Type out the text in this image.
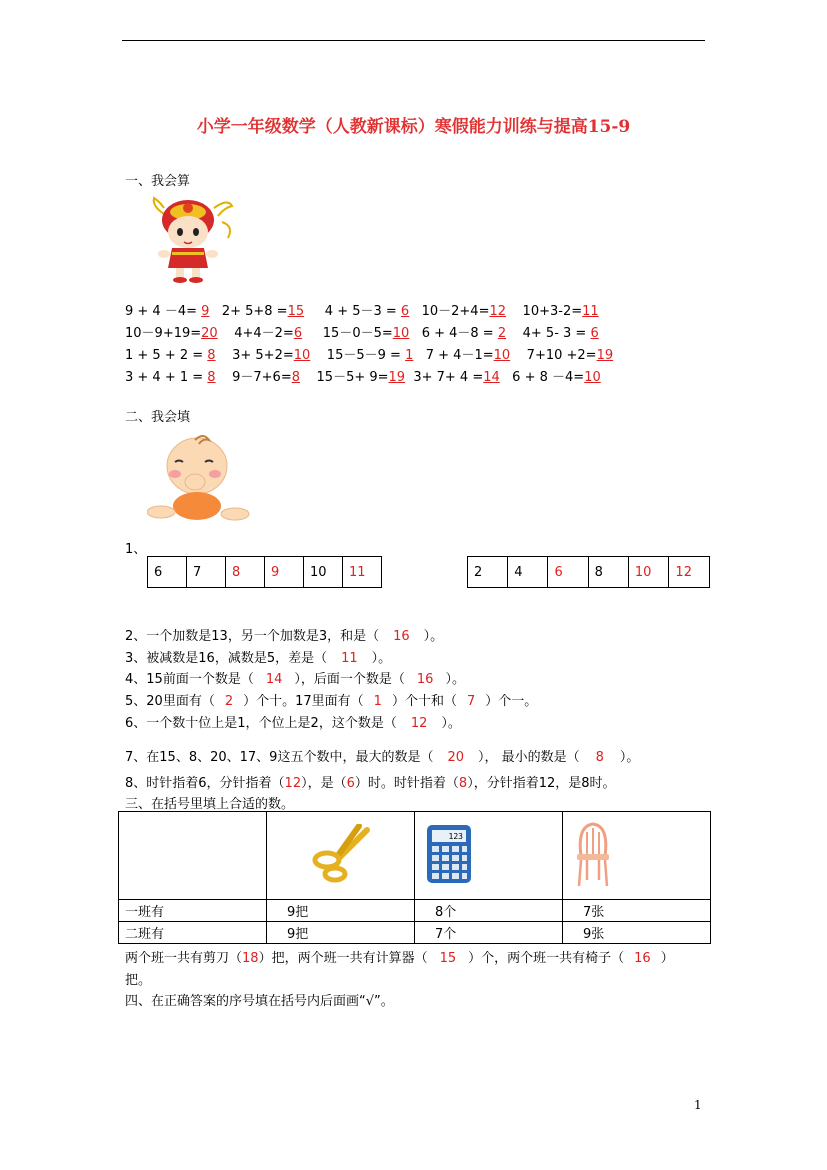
小学一年级数学（人教新课标）寒假能力训练与提高15-9
一、我会算
9 + 4 －4= 9   2+ 5+8 =15     4 + 5－3 = 6   10－2+4=12    10+3-2=11
10－9+19=20    4+4－2=6     15－0－5=10   6 + 4－8 = 2    4+ 5- 3 = 6
1 + 5 + 2 = 8    3+ 5+2=10    15－5－9 = 1   7 + 4－1=10    7+10 +2=19
3 + 4 + 1 = 8    9－7+6=8    15－5+ 9=19  3+ 7+ 4 =14   6 + 8 －4=10
二、我会填
1、
6	7	8	9	10	11	2	4	6	8	10	12
2、一个加数是13，另一个加数是3，和是（ 16 ）。
3、被减数是16，减数是5，差是（ 11 ）。
4、15前面一个数是（ 14 ），后面一个数是（ 16 ）。
5、20里面有（ 2 ）个十。17里面有（ 1 ）个十和（ 7 ）个一。
6、一个数十位上是1，个位上是2，这个数是（ 12 ）。
7、在15、8、20、17、9这五个数中，最大的数是（ 20 ）， 最小的数是（ 8 ）。
8、时针指着6，分针指着（12），是（6）时。时针指着（8），分针指着12，是8时。
三、在括号里填上合适的数。

123

一班有	9把	8个	7张
二班有	9把	7个	9张
两个班一共有剪刀（18）把，两个班一共有计算器（ 15 ）个，两个班一共有椅子（ 16 ）
把。
四、在正确答案的序号填在括号内后面画“√”。
1
